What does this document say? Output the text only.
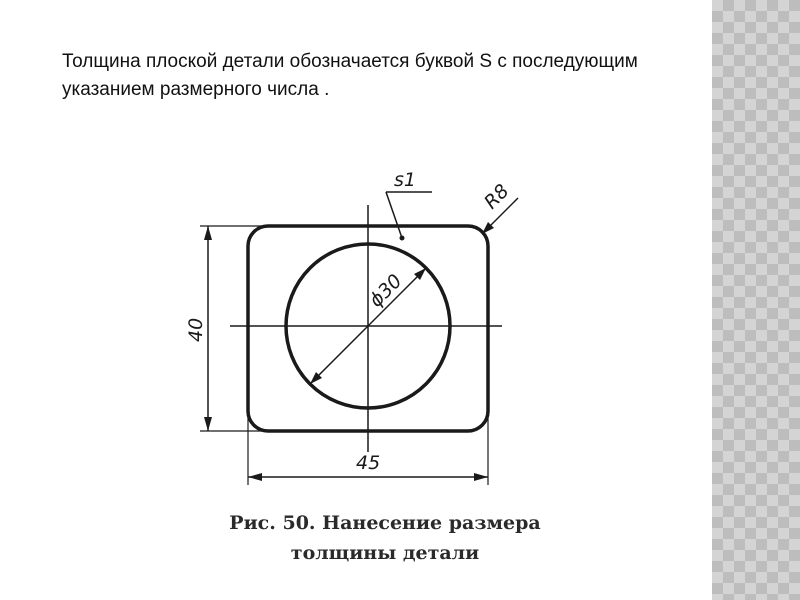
Толщина плоской детали обозначается буквой S с последующим указанием размерного числа .

ϕ30
s1
R8
40
45
Рис. 50. Нанесение размера
толщины детали
